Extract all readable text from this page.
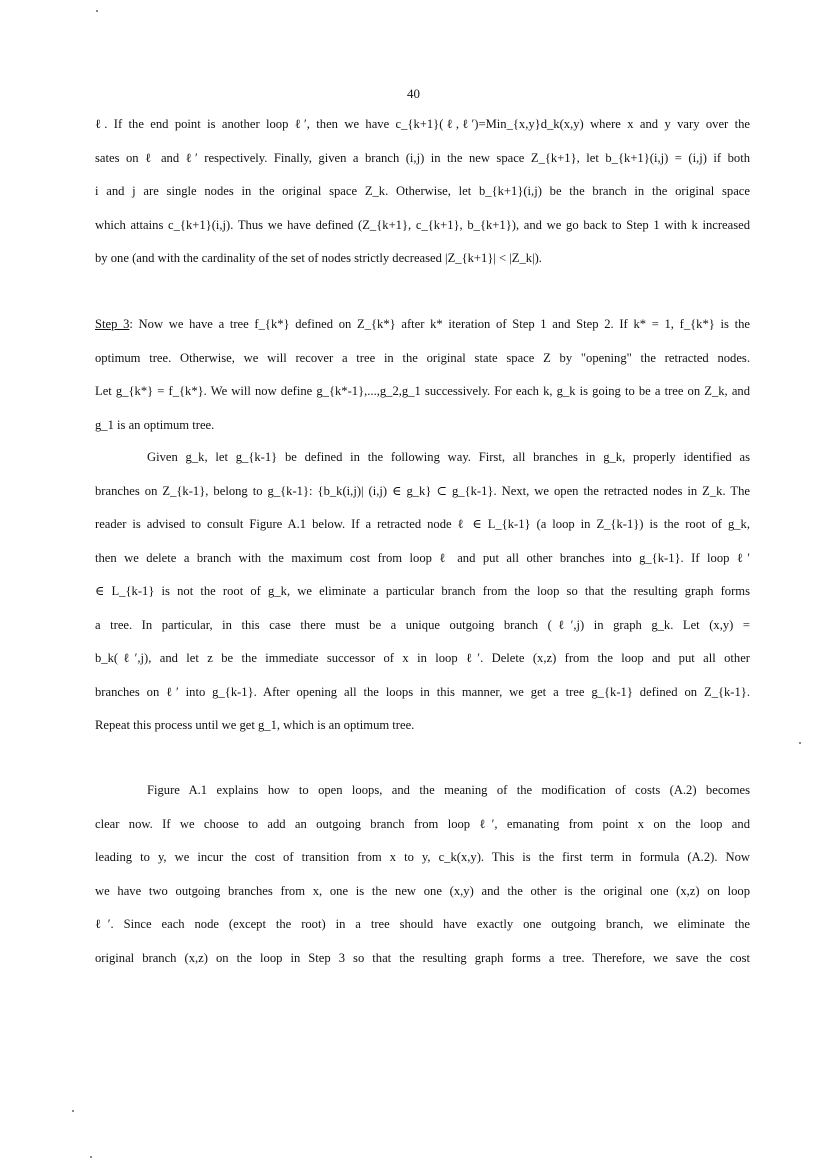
40
ℓ. If the end point is another loop ℓ′, then we have c_{k+1}(ℓ,ℓ′)=Min_{x,y}d_k(x,y) where x and y vary over the
sates on ℓ and ℓ′ respectively. Finally, given a branch (i,j) in the new space Z_{k+1}, let b_{k+1}(i,j) = (i,j) if both
i and j are single nodes in the original space Z_k. Otherwise, let b_{k+1}(i,j) be the branch in the original space
which attains c_{k+1}(i,j). Thus we have defined (Z_{k+1}, c_{k+1}, b_{k+1}), and we go back to Step 1 with k increased
by one (and with the cardinality of the set of nodes strictly decreased |Z_{k+1}| < |Z_k|).
Step 3: Now we have a tree f_{k*} defined on Z_{k*} after k* iteration of Step 1 and Step 2. If k* = 1, f_{k*} is the
optimum tree. Otherwise, we will recover a tree in the original state space Z by "opening" the retracted nodes.
Let g_{k*} = f_{k*}. We will now define g_{k*-1},...,g_2,g_1 successively. For each k, g_k is going to be a tree on Z_k, and
g_1 is an optimum tree.
Given g_k, let g_{k-1} be defined in the following way. First, all branches in g_k, properly identified as
branches on Z_{k-1}, belong to g_{k-1}: {b_k(i,j)| (i,j) ∈ g_k} ⊂ g_{k-1}. Next, we open the retracted nodes in Z_k. The
reader is advised to consult Figure A.1 below. If a retracted node ℓ ∈ L_{k-1} (a loop in Z_{k-1}) is the root of g_k,
then we delete a branch with the maximum cost from loop ℓ and put all other branches into g_{k-1}. If loop ℓ′
∈ L_{k-1} is not the root of g_k, we eliminate a particular branch from the loop so that the resulting graph forms
a tree. In particular, in this case there must be a unique outgoing branch (ℓ′,j) in graph g_k. Let (x,y) =
b_k(ℓ′,j), and let z be the immediate successor of x in loop ℓ′. Delete (x,z) from the loop and put all other
branches on ℓ′ into g_{k-1}. After opening all the loops in this manner, we get a tree g_{k-1} defined on Z_{k-1}.
Repeat this process until we get g_1, which is an optimum tree.
Figure A.1 explains how to open loops, and the meaning of the modification of costs (A.2) becomes
clear now. If we choose to add an outgoing branch from loop ℓ′, emanating from point x on the loop and
leading to y, we incur the cost of transition from x to y, c_k(x,y). This is the first term in formula (A.2). Now
we have two outgoing branches from x, one is the new one (x,y) and the other is the original one (x,z) on loop
ℓ′. Since each node (except the root) in a tree should have exactly one outgoing branch, we eliminate the
original branch (x,z) on the loop in Step 3 so that the resulting graph forms a tree. Therefore, we save the cost
